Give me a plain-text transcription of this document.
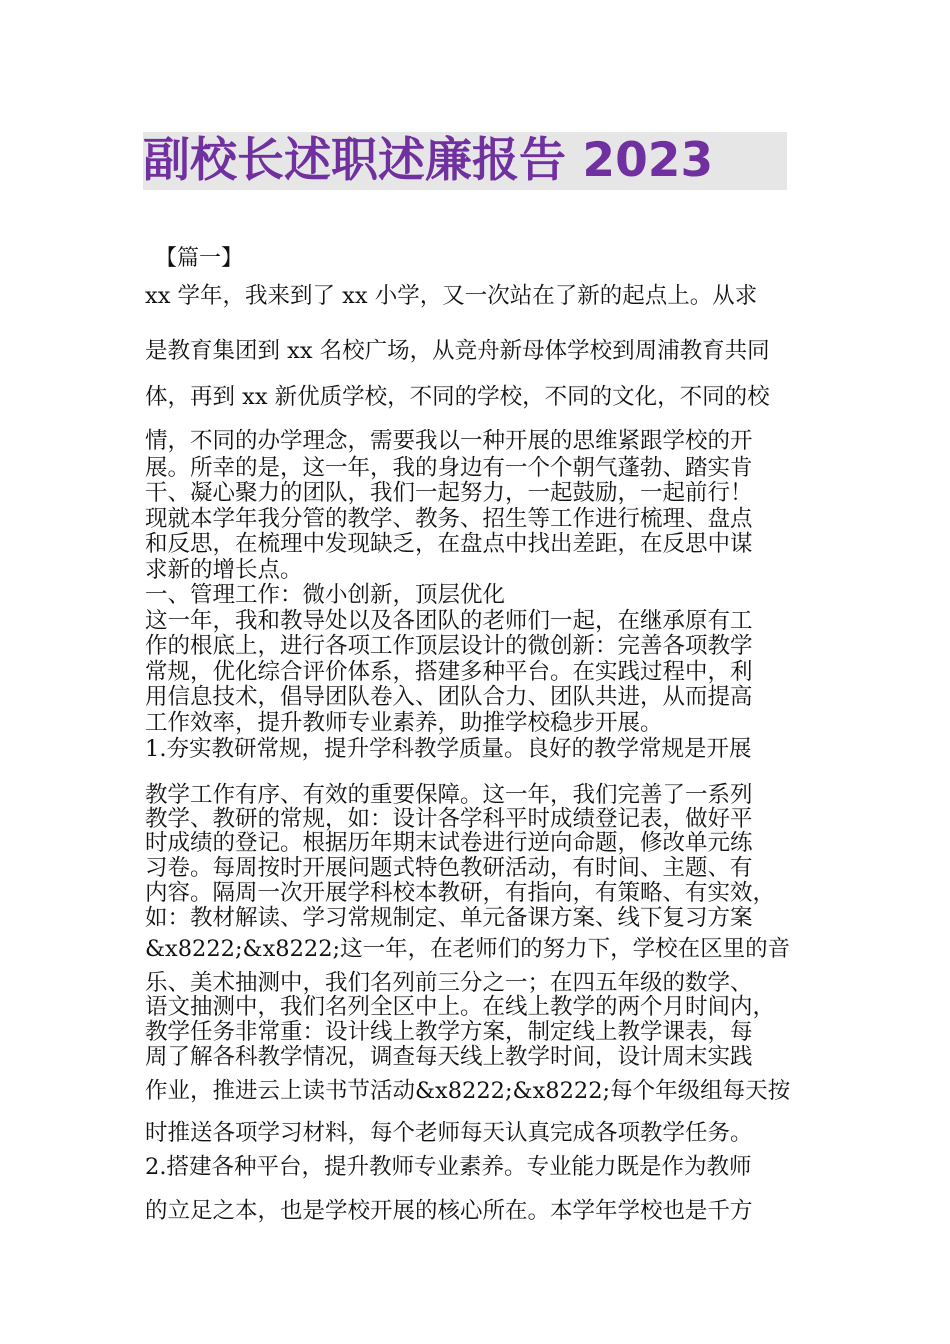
副校长述职述廉报告 2023
【篇一】
xx 学年，我来到了 xx 小学，又一次站在了新的起点上。从求
是教育集团到 xx 名校广场，从竞舟新母体学校到周浦教育共同
体，再到 xx 新优质学校，不同的学校，不同的文化，不同的校
情，不同的办学理念，需要我以一种开展的思维紧跟学校的开
展。所幸的是，这一年，我的身边有一个个朝气蓬勃、踏实肯
干、凝心聚力的团队，我们一起努力，一起鼓励，一起前行！
现就本学年我分管的教学、教务、招生等工作进行梳理、盘点
和反思，在梳理中发现缺乏，在盘点中找出差距，在反思中谋
求新的增长点。
一、管理工作：微小创新，顶层优化
这一年，我和教导处以及各团队的老师们一起，在继承原有工
作的根底上，进行各项工作顶层设计的微创新：完善各项教学
常规，优化综合评价体系，搭建多种平台。在实践过程中，利
用信息技术，倡导团队卷入、团队合力、团队共进，从而提高
工作效率，提升教师专业素养，助推学校稳步开展。
1.夯实教研常规，提升学科教学质量。良好的教学常规是开展
教学工作有序、有效的重要保障。这一年，我们完善了一系列
教学、教研的常规，如：设计各学科平时成绩登记表，做好平
时成绩的登记。根据历年期末试卷进行逆向命题，修改单元练
习卷。每周按时开展问题式特色教研活动，有时间、主题、有
内容。隔周一次开展学科校本教研，有指向，有策略、有实效，
如：教材解读、学习常规制定、单元备课方案、线下复习方案
&x8222;&x8222;这一年，在老师们的努力下，学校在区里的音
乐、美术抽测中，我们名列前三分之一；在四五年级的数学、
语文抽测中，我们名列全区中上。在线上教学的两个月时间内，
教学任务非常重：设计线上教学方案，制定线上教学课表，每
周了解各科教学情况，调查每天线上教学时间，设计周末实践
作业，推进云上读书节活动&x8222;&x8222;每个年级组每天按
时推送各项学习材料，每个老师每天认真完成各项教学任务。
2.搭建各种平台，提升教师专业素养。专业能力既是作为教师
的立足之本，也是学校开展的核心所在。本学年学校也是千方
